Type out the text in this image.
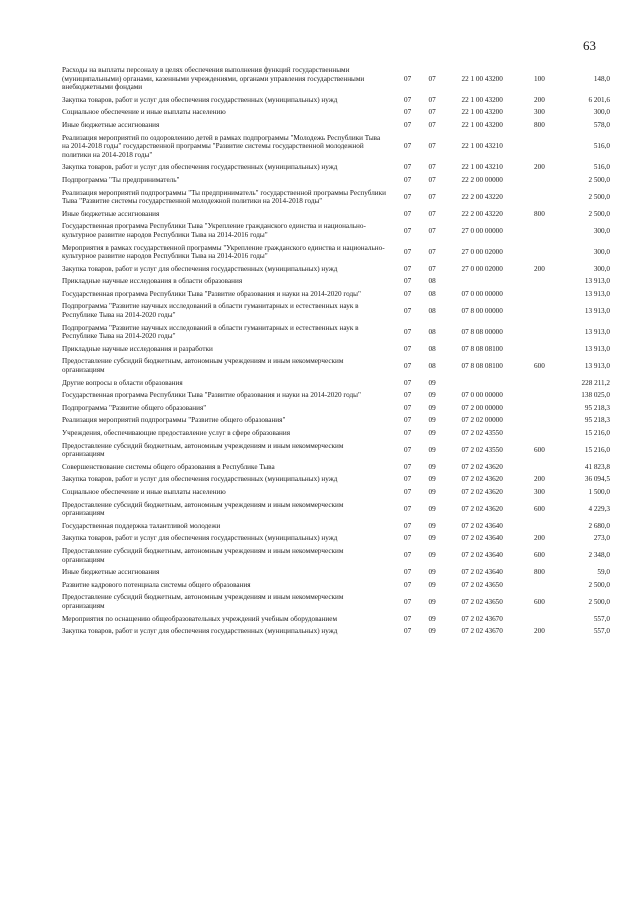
63
Расходы на выплаты персоналу в целях обеспечения выполнения функций государственными (муниципальными) органами, казенными учреждениями, органами управления государственными внебюджетными фондами	07	07	22 1 00 43200	100	148,0
Закупка товаров, работ и услуг для обеспечения государственных (муниципальных) нужд	07	07	22 1 00 43200	200	6 201,6
Социальное обеспечение и иные выплаты населению	07	07	22 1 00 43200	300	300,0
Иные бюджетные ассигнования	07	07	22 1 00 43200	800	578,0
Реализация мероприятий по оздоровлению детей в рамках подпрограммы "Молодежь Республики Тыва на 2014-2018 годы" государственной программы "Развитие системы государственной молодежной политики на 2014-2018 годы"	07	07	22 1 00 43210		516,0
Закупка товаров, работ и услуг для обеспечения государственных (муниципальных) нужд	07	07	22 1 00 43210	200	516,0
Подпрограмма "Ты предприниматель"	07	07	22 2 00 00000		2 500,0
Реализация мероприятий подпрограммы "Ты предприниматель" государственной программы Республики Тыва "Развитие системы государственной молодежной политики на 2014-2018 годы"	07	07	22 2 00 43220		2 500,0
Иные бюджетные ассигнования	07	07	22 2 00 43220	800	2 500,0
Государственная программа Республики Тыва "Укрепление гражданского единства и национально-культурное развитие народов Республики Тыва на 2014-2016 годы"	07	07	27 0 00 00000		300,0
Мероприятия в рамках государственной программы "Укрепление гражданского единства и национально-культурное развитие народов Республики Тыва на 2014-2016 годы"	07	07	27 0 00 02000		300,0
Закупка товаров, работ и услуг для обеспечения государственных (муниципальных) нужд	07	07	27 0 00 02000	200	300,0
Прикладные научные исследования в области образования	07	08			13 913,0
Государственная программа Республики Тыва "Развитие образования и науки на 2014-2020 годы"	07	08	07 0 00 00000		13 913,0
Подпрограмма "Развитие научных исследований в области гуманитарных и естественных наук в Республике Тыва на 2014-2020 годы"	07	08	07 8 00 00000		13 913,0
Подпрограмма "Развитие научных исследований в области гуманитарных и естественных наук в Республике Тыва на 2014-2020 годы"	07	08	07 8 08 00000		13 913,0
Прикладные научные исследования и разработки	07	08	07 8 08 08100		13 913,0
Предоставление субсидий бюджетным, автономным учреждениям и иным некоммерческим организациям	07	08	07 8 08 08100	600	13 913,0
Другие вопросы в области образования	07	09			228 211,2
Государственная программа Республики Тыва "Развитие образования и науки на 2014-2020 годы"	07	09	07 0 00 00000		138 025,0
Подпрограмма "Развитие общего образования"	07	09	07 2 00 00000		95 218,3
Реализация мероприятий подпрограммы "Развитие общего образования"	07	09	07 2 02 00000		95 218,3
Учреждения, обеспечивающие предоставление услуг в сфере образования	07	09	07 2 02 43550		15 216,0
Предоставление субсидий бюджетным, автономным учреждениям и иным некоммерческим организациям	07	09	07 2 02 43550	600	15 216,0
Совершенствование системы общего образования в Республике Тыва	07	09	07 2 02 43620		41 823,8
Закупка товаров, работ и услуг для обеспечения государственных (муниципальных) нужд	07	09	07 2 02 43620	200	36 094,5
Социальное обеспечение и иные выплаты населению	07	09	07 2 02 43620	300	1 500,0
Предоставление субсидий бюджетным, автономным учреждениям и иным некоммерческим организациям	07	09	07 2 02 43620	600	4 229,3
Государственная поддержка талантливой молодежи	07	09	07 2 02 43640		2 680,0
Закупка товаров, работ и услуг для обеспечения государственных (муниципальных) нужд	07	09	07 2 02 43640	200	273,0
Предоставление субсидий бюджетным, автономным учреждениям и иным некоммерческим организациям	07	09	07 2 02 43640	600	2 348,0
Иные бюджетные ассигнования	07	09	07 2 02 43640	800	59,0
Развитие кадрового потенциала системы общего образования	07	09	07 2 02 43650		2 500,0
Предоставление субсидий бюджетным, автономным учреждениям и иным некоммерческим организациям	07	09	07 2 02 43650	600	2 500,0
Мероприятия по оснащению общеобразовательных учреждений учебным оборудованием	07	09	07 2 02 43670		557,0
Закупка товаров, работ и услуг для обеспечения государственных (муниципальных) нужд	07	09	07 2 02 43670	200	557,0
